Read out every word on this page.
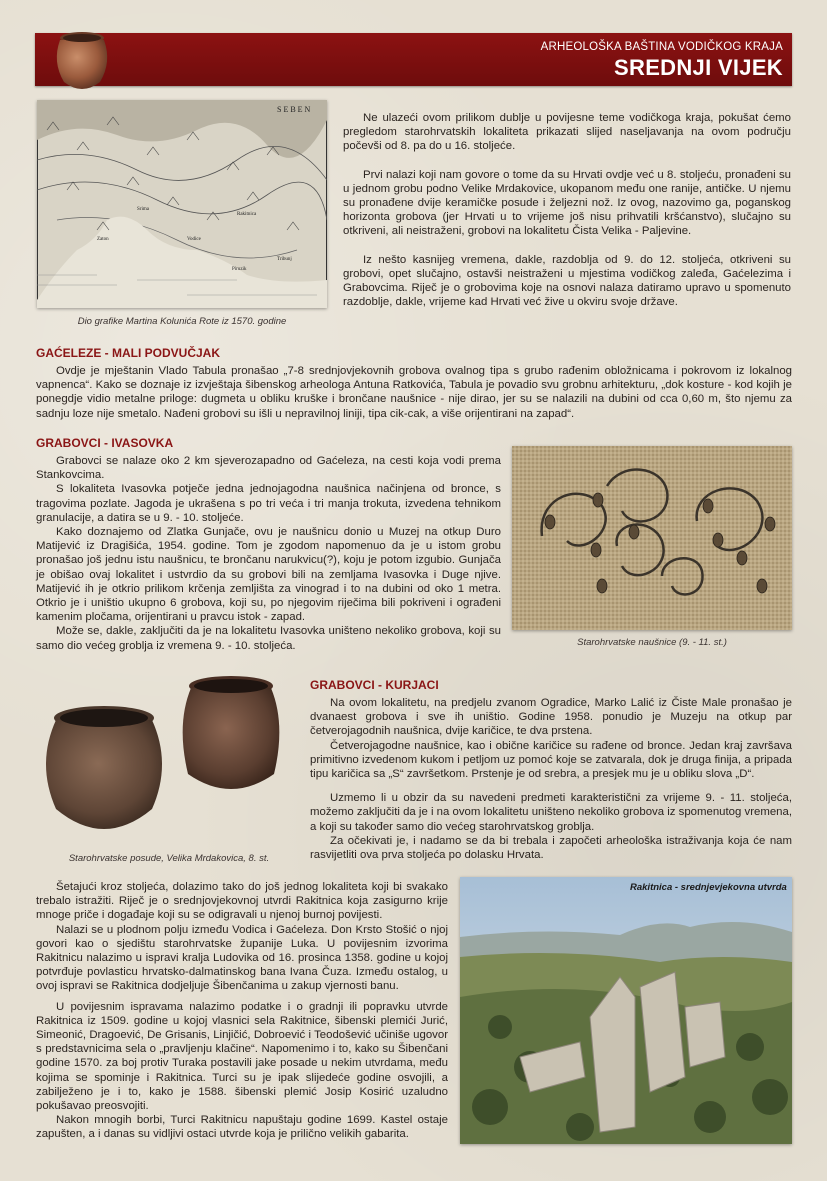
ARHEOLOŠKA BAŠTINA VODIČKOG KRAJA
SREDNJI VIJEK
S E B E N
Rakitnica
Vodice
Srima
Zaton
Piruzik
Tribunj
Dio grafike Martina Kolunića Rote iz 1570. godine

Ne ulazeći ovom prilikom dublje u povijesne teme vodičkoga kraja, pokušat ćemo pregledom starohrvatskih lokaliteta prikazati slijed naseljavanja na ovom području počevši od 8. pa do u 16. stoljeće.

Prvi nalazi koji nam govore o tome da su Hrvati ovdje već u 8. stoljeću, pronađeni su u jednom grobu podno Velike Mrdakovice, ukopanom među one ranije, antičke. U njemu su pronađene dvije keramičke posude i željezni nož. Iz ovog, nazovimo ga, poganskog horizonta grobova (jer Hrvati u to vrijeme još nisu prihvatili kršćanstvo), slučajno su otkriveni, ali neistraženi, grobovi na lokalitetu Čista Velika - Paljevine.

Iz nešto kasnijeg vremena, dakle, razdoblja od 9. do 12. stoljeća, otkriveni su grobovi, opet slučajno, ostavši neistraženi u mjestima vodičkog zaleđa, Gaćelezima i Grabovcima. Riječ je o grobovima koje na osnovi nalaza datiramo upravo u spomenuto razdoblje, dakle, vrijeme kad Hrvati već žive u okviru svoje države.

GAĆELEZE - MALI PODVUČJAK

Ovdje je mještanin Vlado Tabula pronašao „7-8 srednjovjekovnih grobova ovalnog tipa s grubo rađenim obložnicama i pokrovom iz lokalnog vapnenca“. Kako se doznaje iz izvještaja šibenskog arheologa Antuna Ratkovića, Tabula je povadio svu grobnu arhitekturu, „dok kosture - kod kojih je ponegdje vidio metalne priloge: dugmeta u obliku kruške i brončane naušnice - nije dirao, jer su se nalazili na dubini od cca 0,60 m, što njemu za sadnju loze nije smetalo. Nađeni grobovi su išli u nepravilnoj liniji, tipa cik-cak, a više orijentirani na zapad“.

GRABOVCI - IVASOVKA

Grabovci se nalaze oko 2 km sjeverozapadno od Gaćeleza, na cesti koja vodi prema Stankovcima.

S lokaliteta Ivasovka potječe jedna jednojagodna naušnica načinjena od bronce, s tragovima pozlate. Jagoda je ukrašena s po tri veća i tri manja trokuta, izvedena tehnikom granulacije, a datira se u 9. - 10. stoljeće.

Kako doznajemo od Zlatka Gunjače, ovu je naušnicu donio u Muzej na otkup Duro Matijević iz Dragišića, 1954. godine. Tom je zgodom napomenuo da je u istom grobu pronašao još jednu istu naušnicu, te brončanu narukvicu(?), koju je potom izgubio. Gunjača je obišao ovaj lokalitet i ustvrdio da su grobovi bili na zemljama Ivasovka i Duge njive. Matijević ih je otkrio prilikom krčenja zemljišta za vinograd i to na dubini od oko 1 metra. Otkrio je i uništio ukupno 6 grobova, koji su, po njegovim riječima bili pokriveni i ograđeni kamenim pločama, orijentirani u pravcu istok - zapad.

Može se, dakle, zaključiti da je na lokalitetu Ivasovka uništeno nekoliko grobova, koji su samo dio većeg groblja iz vremena 9. - 10. stoljeća.	Starohrvatske naušnice (9. - 11. st.)
Starohrvatske posude, Velika Mrdakovica, 8. st.

GRABOVCI - KURJACI

Na ovom lokalitetu, na predjelu zvanom Ogradice, Marko Lalić iz Čiste Male pronašao je dvanaest grobova i sve ih uništio. Godine 1958. ponudio je Muzeju na otkup par četverojagodnih naušnica, dvije karičice, te dva prstena.

Četverojagodne naušnice, kao i obične karičice su rađene od bronce. Jedan kraj završava primitivno izvedenom kukom i petljom uz pomoć koje se zatvarala, dok je druga finija, a pripada tipu karičica sa „S“ završetkom. Prstenje je od srebra, a presjek mu je u obliku slova „D“.

Uzmemo li u obzir da su navedeni predmeti karakteristični za vrijeme 9. - 11. stoljeća, možemo zaključiti da je i na ovom lokalitetu uništeno nekoliko grobova iz spomenutog vremena, a koji su također samo dio većeg starohrvatskog groblja.

Za očekivati je, i nadamo se da bi trebala i započeti arheološka istraživanja koja će nam rasvijetliti ova prva stoljeća po dolasku Hrvata.

Šetajući kroz stoljeća, dolazimo tako do još jednog lokaliteta koji bi svakako trebalo istražiti. Riječ je o srednjovjekovnoj utvrdi Rakitnica koja zasigurno krije mnoge priče i događaje koji su se odigravali u njenoj burnoj povijesti.

Nalazi se u plodnom polju između Vodica i Gaćeleza. Don Krsto Stošić o njoj govori kao o sjedištu starohrvatske županije Luka. U povijesnim izvorima Rakitnicu nalazimo u ispravi kralja Ludovika od 16. prosinca 1358. godine u kojoj potvrđuje povlasticu hrvatsko-dalmatinskog bana Ivana Čuza. Između ostalog, u ovoj ispravi se Rakitnica dodjeljuje Šibenčanima u zakup vjernosti banu.

U povijesnim ispravama nalazimo podatke i o gradnji ili popravku utvrde Rakitnica iz 1509. godine u kojoj vlasnici sela Rakitnice, šibenski plemići Jurić, Simeonić, Dragoević, De Grisanis, Linjičić, Dobroević i Teodošević učiniše ugovor s predstavnicima sela o „pravljenju klačine“. Napomenimo i to, kako su Šibenčani godine 1570. za boj protiv Turaka postavili jake posade u nekim utvrdama, među kojima se spominje i Rakitnica. Turci su je ipak slijedeće godine osvojili, a zabilježeno je i to, kako je 1588. šibenski plemić Josip Kosirić uzaludno pokušavao preosvojiti.

Nakon mnogih borbi, Turci Rakitnicu napuštaju godine 1699. Kastel ostaje zapušten, a i danas su vidljivi ostaci utvrde koja je prilično velikih gabarita.

Rakitnica - srednjevjekovna utvrda
